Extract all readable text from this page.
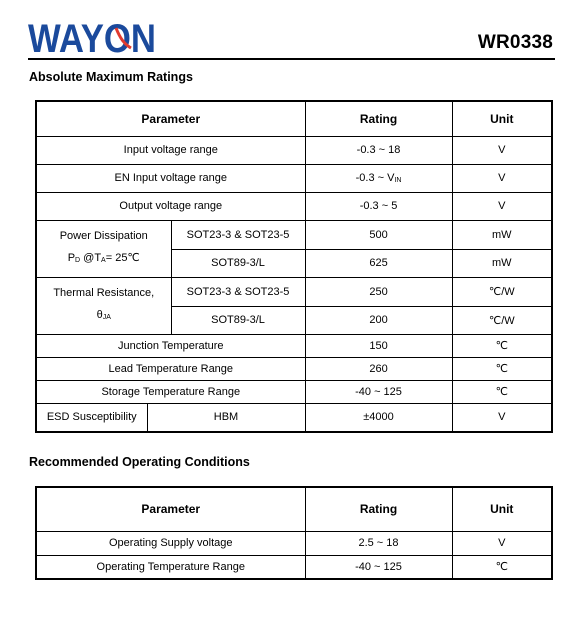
WAYON	WR0338
Absolute Maximum Ratings
Parameter			Rating	Unit
Input voltage range			-0.3 ~ 18	V
EN Input voltage range			-0.3 ~ VIN	V
Output voltage range			-0.3 ~ 5	V

Power Dissipation
PD @TA= 25℃		SOT23-3 & SOT23-5	500	mW
		SOT89-3/L	625	mW

Thermal Resistance,
θJA		SOT23-3 & SOT23-5	250	℃/W
		SOT89-3/L	200	℃/W
Junction Temperature			150	℃
Lead Temperature Range			260	℃
Storage Temperature Range			-40 ~ 125	℃
ESD Susceptibility	HBM		±4000	V
Recommended Operating Conditions
Parameter	Rating	Unit
Operating Supply voltage	2.5 ~ 18	V
Operating Temperature Range	-40 ~ 125	℃
